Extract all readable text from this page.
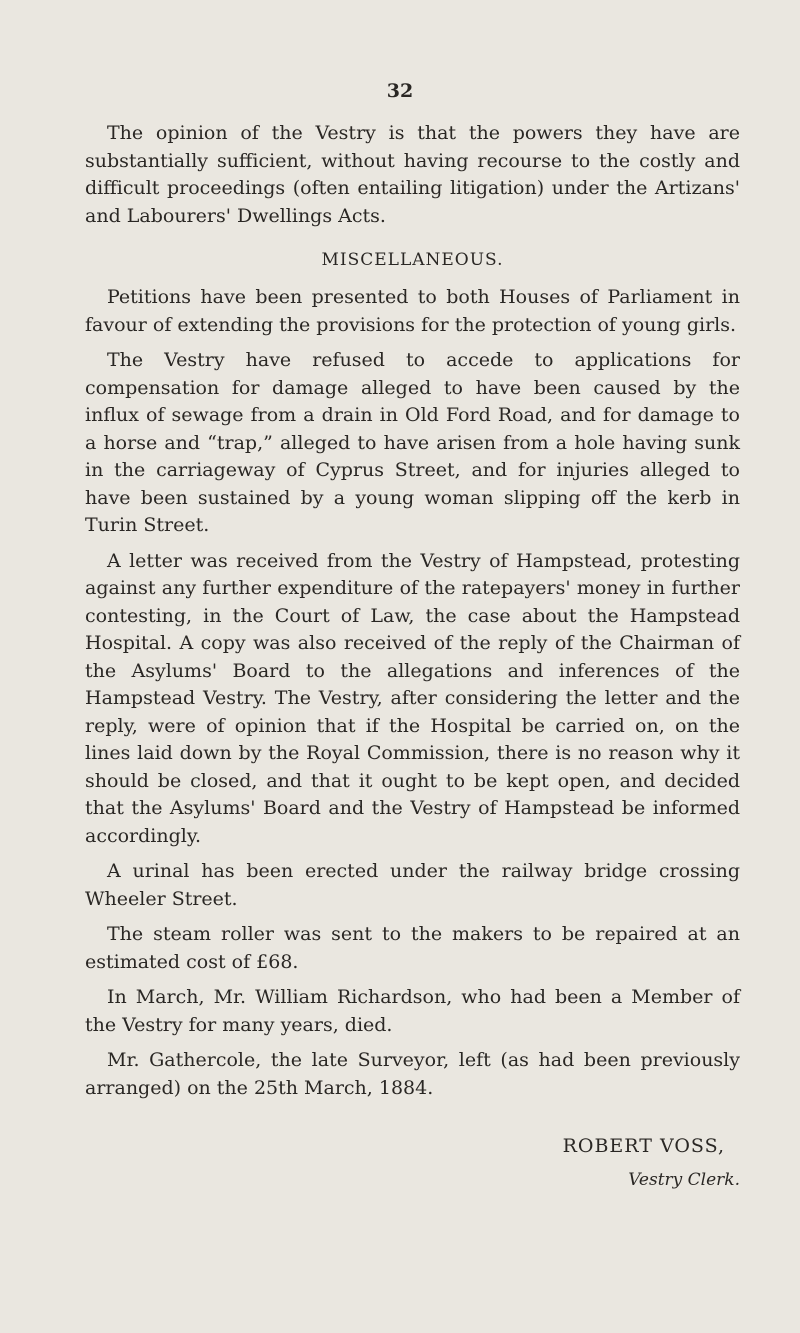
32

The opinion of the Vestry is that the powers they have are substantially sufficient, without having recourse to the costly and difficult proceedings (often entailing litigation) under the Artizans' and Labourers' Dwellings Acts.

MISCELLANEOUS.

Petitions have been presented to both Houses of Parliament in favour of extending the provisions for the protection of young girls.

The Vestry have refused to accede to applications for compensation for damage alleged to have been caused by the influx of sewage from a drain in Old Ford Road, and for damage to a horse and “trap,” alleged to have arisen from a hole having sunk in the carriageway of Cyprus Street, and for injuries alleged to have been sustained by a young woman slipping off the kerb in Turin Street.

A letter was received from the Vestry of Hampstead, protesting against any further expenditure of the ratepayers' money in further contesting, in the Court of Law, the case about the Hampstead Hospital. A copy was also received of the reply of the Chairman of the Asylums' Board to the allegations and inferences of the Hampstead Vestry. The Vestry, after considering the letter and the reply, were of opinion that if the Hospital be carried on, on the lines laid down by the Royal Commission, there is no reason why it should be closed, and that it ought to be kept open, and decided that the Asylums' Board and the Vestry of Hampstead be informed accordingly.

A urinal has been erected under the railway bridge crossing Wheeler Street.

The steam roller was sent to the makers to be repaired at an estimated cost of £68.

In March, Mr. William Richardson, who had been a Member of the Vestry for many years, died.

Mr. Gathercole, the late Surveyor, left (as had been previously arranged) on the 25th March, 1884.

ROBERT VOSS,
Vestry Clerk.
